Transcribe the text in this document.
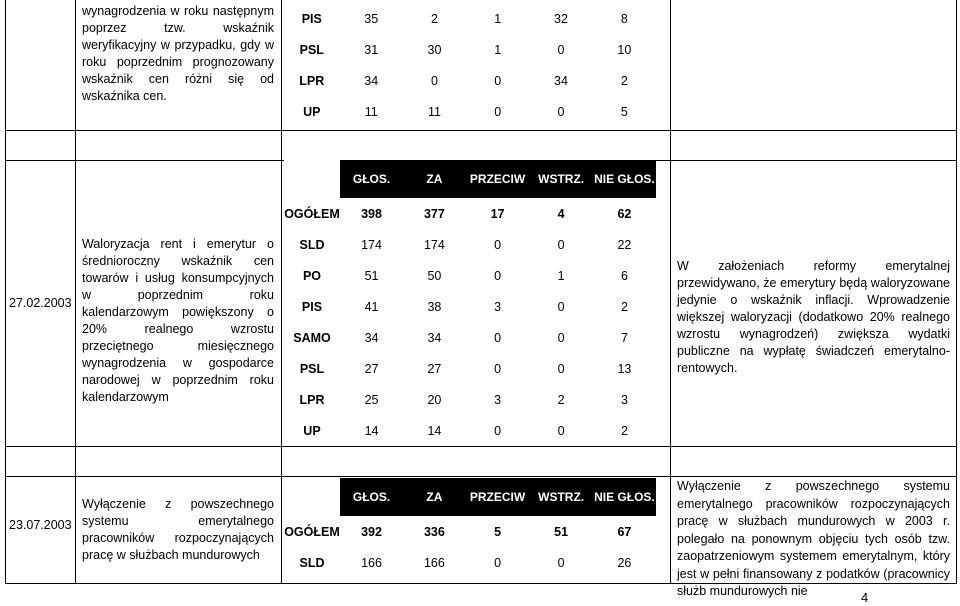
wynagrodzenia w roku następnym poprzez tzw. wskaźnik weryfikacyjny w przypadku, gdy w roku poprzednim prognozowany wskaźnik cen różni się od wskaźnika cen.
PIS	35	2	1	32	8
PSL	31	30	1	0	10
LPR	34	0	0	34	2
UP	11	11	0	0	5
27.02.2003
Waloryzacja rent i emerytur o średnioroczny wskaźnik cen towarów i usług konsumpcyjnych w poprzednim roku kalendarzowym powiększony o 20% realnego wzrostu przeciętnego miesięcznego wynagrodzenia w gospodarce narodowej w poprzednim roku kalendarzowym
	GŁOS.	ZA	PRZECIW	WSTRZ.	NIE GŁOS.
OGÓŁEM	398	377	17	4	62
SLD	174	174	0	0	22
PO	51	50	0	1	6
PIS	41	38	3	0	2
SAMO	34	34	0	0	7
PSL	27	27	0	0	13
LPR	25	20	3	2	3
UP	14	14	0	0	2
W założeniach reformy emerytalnej przewidywano, że emerytury będą waloryzowane jedynie o wskaźnik inflacji. Wprowadzenie większej waloryzacji (dodatkowo 20% realnego wzrostu wynagrodzeń) zwiększa wydatki publiczne na wypłatę świadczeń emerytalno-rentowych.
23.07.2003
Wyłączenie z powszechnego systemu emerytalnego pracowników rozpoczynających pracę w służbach mundurowych
	GŁOS.	ZA	PRZECIW	WSTRZ.	NIE GŁOS.
OGÓŁEM	392	336	5	51	67
SLD	166	166	0	0	26
Wyłączenie z powszechnego systemu emerytalnego pracowników rozpoczynających pracę w służbach mundurowych w 2003 r. polegało na ponownym objęciu tych osób tzw. zaopatrzeniowym systemem emerytalnym, który jest w pełni finansowany z podatków (pracownicy służb mundurowych nie	4
